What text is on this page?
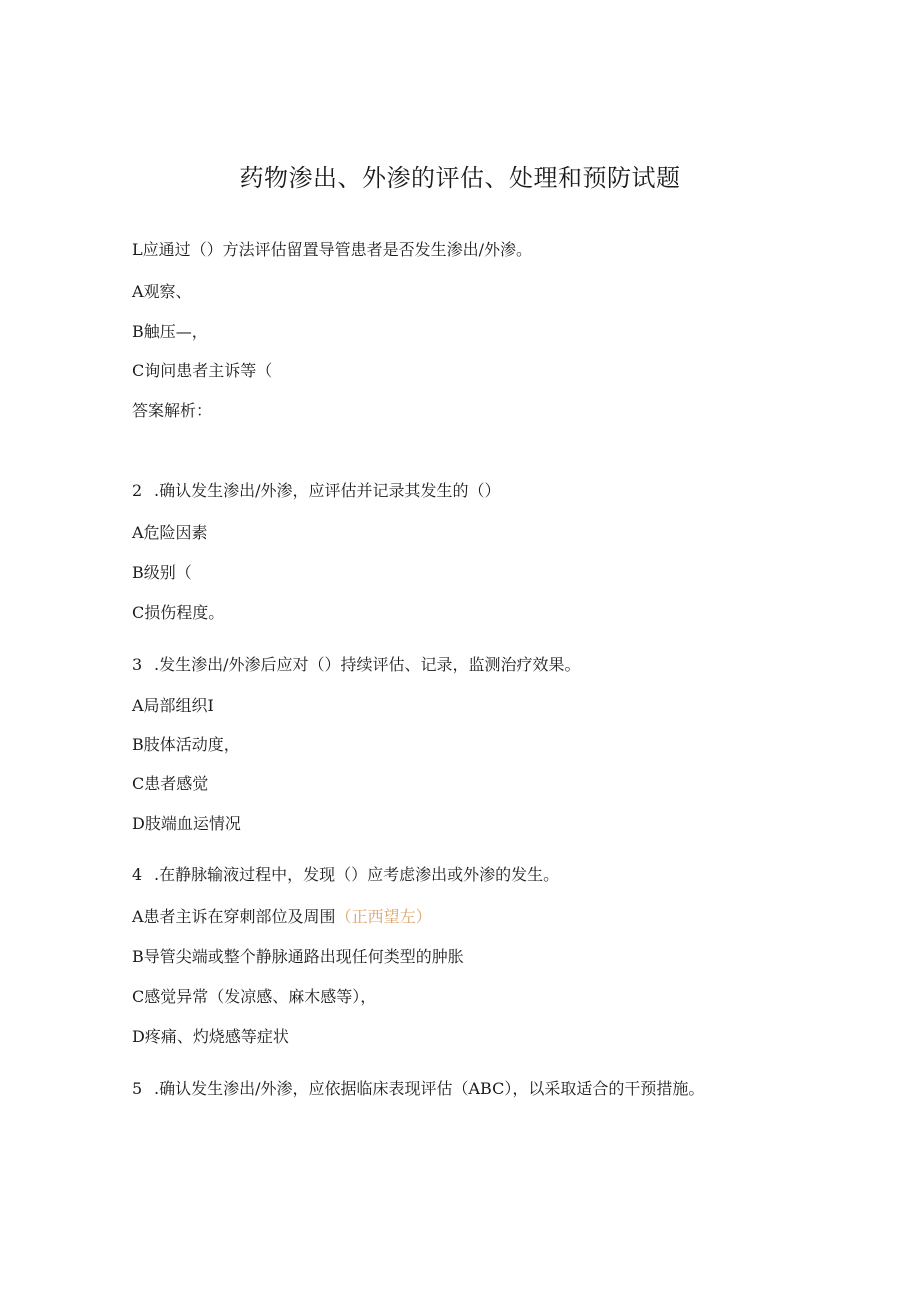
药物渗出、外渗的评估、处理和预防试题
L应通过（）方法评估留置导管患者是否发生渗出/外渗。
A观察、
B触压—，
C询问患者主诉等（
答案解析：
2 .确认发生渗出/外渗，应评估并记录其发生的（）
A危险因素
B级别（
C损伤程度。
3 .发生渗出/外渗后应对（）持续评估、记录，监测治疗效果。
A局部组织I
B肢体活动度，
C患者感觉
D肢端血运情况
4 .在静脉输液过程中，发现（）应考虑渗出或外渗的发生。
A患者主诉在穿刺部位及周围（正西望左）
B导管尖端或整个静脉通路出现任何类型的肿胀
C感觉异常（发凉感、麻木感等），
D疼痛、灼烧感等症状
5 .确认发生渗出/外渗，应依据临床表现评估（ABC），以采取适合的干预措施。
